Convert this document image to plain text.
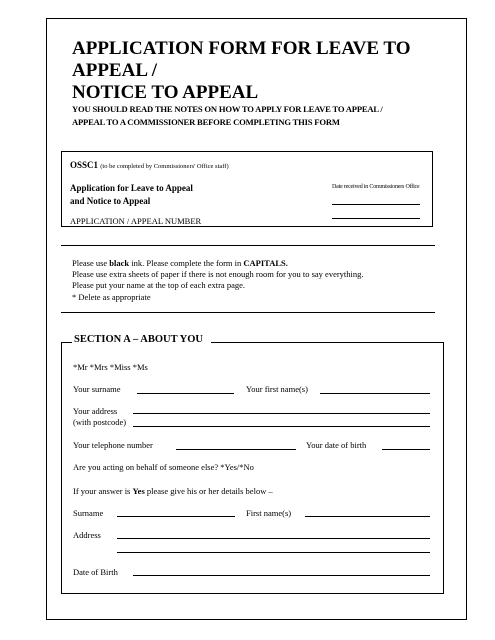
APPLICATION FORM FOR LEAVE TO APPEAL /
NOTICE TO APPEAL
YOU SHOULD READ THE NOTES ON HOW TO APPLY FOR LEAVE TO APPEAL /
APPEAL TO A COMMISSIONER BEFORE COMPLETING THIS FORM
OSSC1 (to be completed by Commissioners' Office staff)
Application for Leave to Appeal
and Notice to Appeal
Date received in Commissioners Office
APPLICATION / APPEAL NUMBER
Please use black ink. Please complete the form in CAPITALS.
Please use extra sheets of paper if there is not enough room for you to say everything.
Please put your name at the top of each extra page.
* Delete as appropriate
SECTION A – ABOUT YOU
*Mr *Mrs *Miss *Ms
Your surname	Your first name(s)
Your address
(with postcode)
Your telephone number	Your date of birth
Are you acting on behalf of someone else? *Yes/*No
If your answer is Yes please give his or her details below –
Surname	First name(s)
Address
Date of Birth
